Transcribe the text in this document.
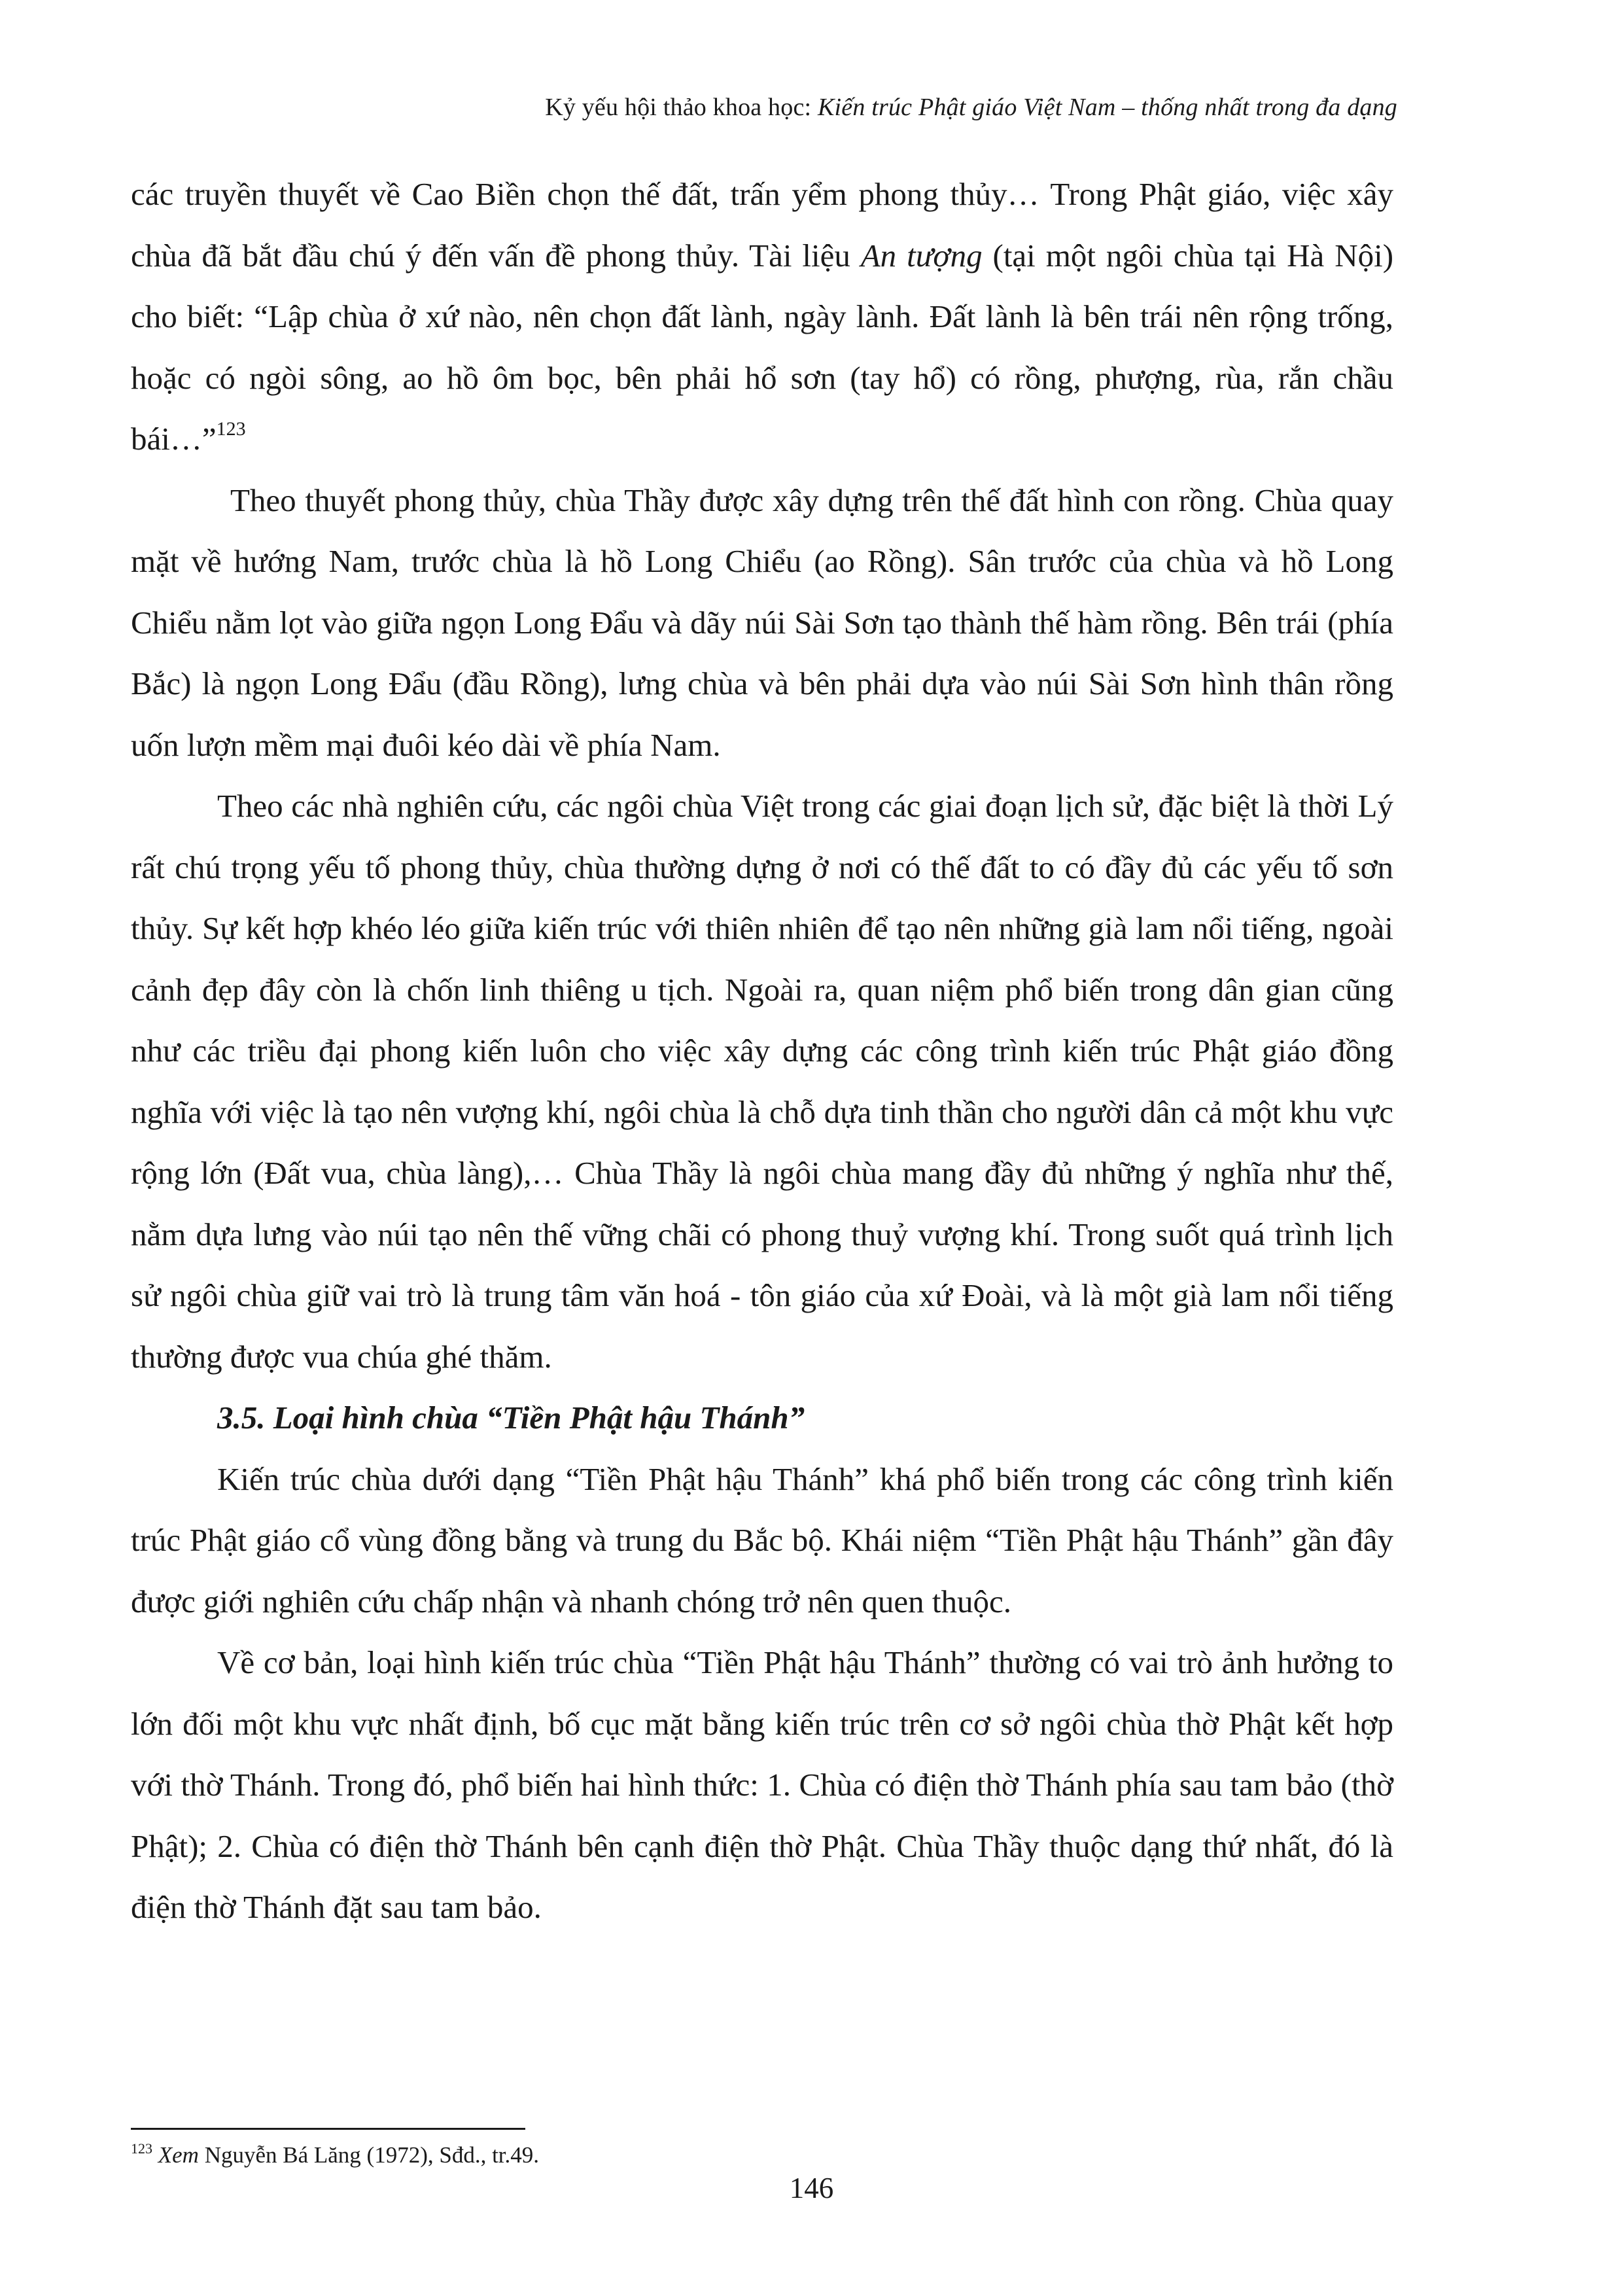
Kỷ yếu hội thảo khoa học: Kiến trúc Phật giáo Việt Nam – thống nhất trong đa dạng

các truyền thuyết về Cao Biền chọn thế đất, trấn yểm phong thủy… Trong Phật giáo, việc xây chùa đã bắt đầu chú ý đến vấn đề phong thủy. Tài liệu An tượng (tại một ngôi chùa tại Hà Nội) cho biết: “Lập chùa ở xứ nào, nên chọn đất lành, ngày lành. Đất lành là bên trái nên rộng trống, hoặc có ngòi sông, ao hồ ôm bọc, bên phải hổ sơn (tay hổ) có rồng, phượng, rùa, rắn chầu bái…”$^{123}$

Theo thuyết phong thủy, chùa Thầy được xây dựng trên thế đất hình con rồng. Chùa quay mặt về hướng Nam, trước chùa là hồ Long Chiểu (ao Rồng). Sân trước của chùa và hồ Long Chiểu nằm lọt vào giữa ngọn Long Đẩu và dãy núi Sài Sơn tạo thành thế hàm rồng. Bên trái (phía Bắc) là ngọn Long Đẩu (đầu Rồng), lưng chùa và bên phải dựa vào núi Sài Sơn hình thân rồng uốn lượn mềm mại đuôi kéo dài về phía Nam.

Theo các nhà nghiên cứu, các ngôi chùa Việt trong các giai đoạn lịch sử, đặc biệt là thời Lý rất chú trọng yếu tố phong thủy, chùa thường dựng ở nơi có thế đất to có đầy đủ các yếu tố sơn thủy. Sự kết hợp khéo léo giữa kiến trúc với thiên nhiên để tạo nên những già lam nổi tiếng, ngoài cảnh đẹp đây còn là chốn linh thiêng u tịch. Ngoài ra, quan niệm phổ biến trong dân gian cũng như các triều đại phong kiến luôn cho việc xây dựng các công trình kiến trúc Phật giáo đồng nghĩa với việc là tạo nên vượng khí, ngôi chùa là chỗ dựa tinh thần cho người dân cả một khu vực rộng lớn (Đất vua, chùa làng),… Chùa Thầy là ngôi chùa mang đầy đủ những ý nghĩa như thế, nằm dựa lưng vào núi tạo nên thế vững chãi có phong thuỷ vượng khí. Trong suốt quá trình lịch sử ngôi chùa giữ vai trò là trung tâm văn hoá - tôn giáo của xứ Đoài, và là một già lam nổi tiếng thường được vua chúa ghé thăm.

3.5. Loại hình chùa “Tiền Phật hậu Thánh”

Kiến trúc chùa dưới dạng “Tiền Phật hậu Thánh” khá phổ biến trong các công trình kiến trúc Phật giáo cổ vùng đồng bằng và trung du Bắc bộ. Khái niệm “Tiền Phật hậu Thánh” gần đây được giới nghiên cứu chấp nhận và nhanh chóng trở nên quen thuộc.

Về cơ bản, loại hình kiến trúc chùa “Tiền Phật hậu Thánh” thường có vai trò ảnh hưởng to lớn đối một khu vực nhất định, bố cục mặt bằng kiến trúc trên cơ sở ngôi chùa thờ Phật kết hợp với thờ Thánh. Trong đó, phổ biến hai hình thức: 1. Chùa có điện thờ Thánh phía sau tam bảo (thờ Phật); 2. Chùa có điện thờ Thánh bên cạnh điện thờ Phật. Chùa Thầy thuộc dạng thứ nhất, đó là điện thờ Thánh đặt sau tam bảo.

$^{123}$ Xem Nguyễn Bá Lăng (1972), Sđd., tr.49.
146
